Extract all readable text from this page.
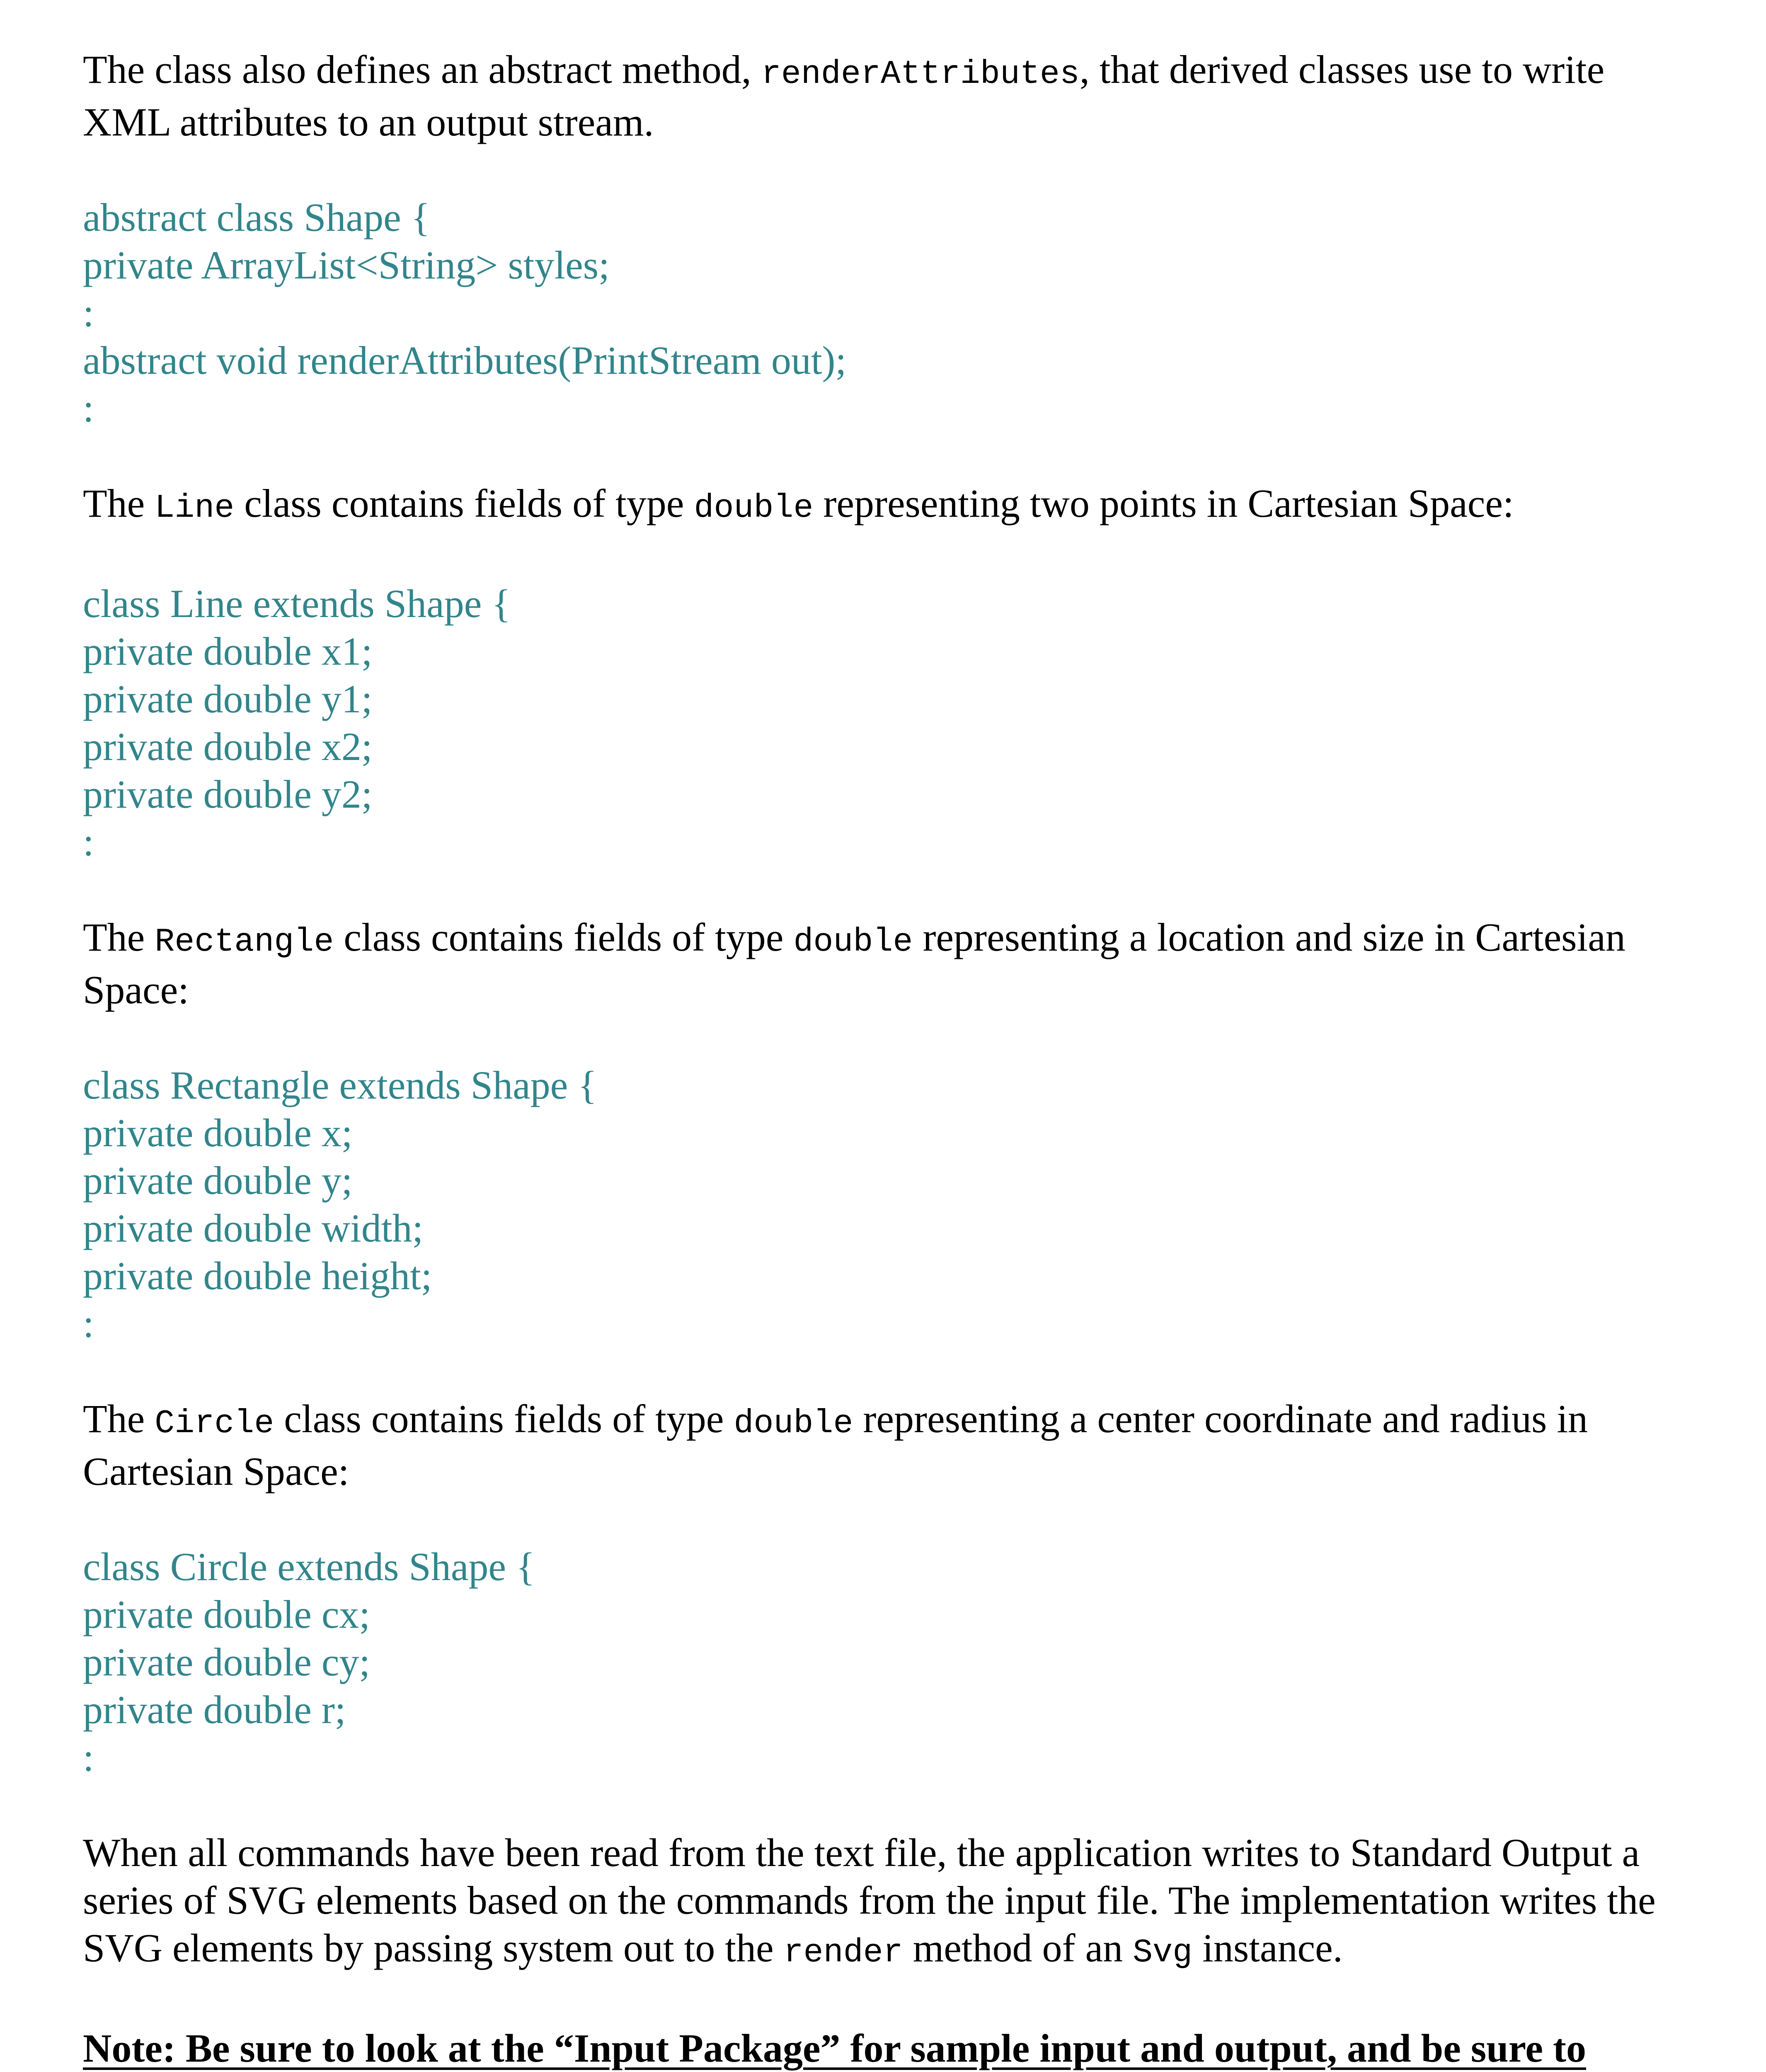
The class also defines an abstract method, renderAttributes, that derived classes use to write XML attributes to an output stream.

abstract class Shape {
private ArrayList<String> styles;
:
abstract void renderAttributes(PrintStream out);
:

The Line class contains fields of type double representing two points in Cartesian Space:

class Line extends Shape {
private double x1;
private double y1;
private double x2;
private double y2;
:

The Rectangle class contains fields of type double representing a location and size in Cartesian Space:

class Rectangle extends Shape {
private double x;
private double y;
private double width;
private double height;
:

The Circle class contains fields of type double representing a center coordinate and radius in Cartesian Space:

class Circle extends Shape {
private double cx;
private double cy;
private double r;
:

When all commands have been read from the text file, the application writes to Standard Output a series of SVG elements based on the commands from the input file. The implementation writes the SVG elements by passing system out to the render method of an Svg instance.

Note: Be sure to look at the “Input Package” for sample input and output, and be sure to
